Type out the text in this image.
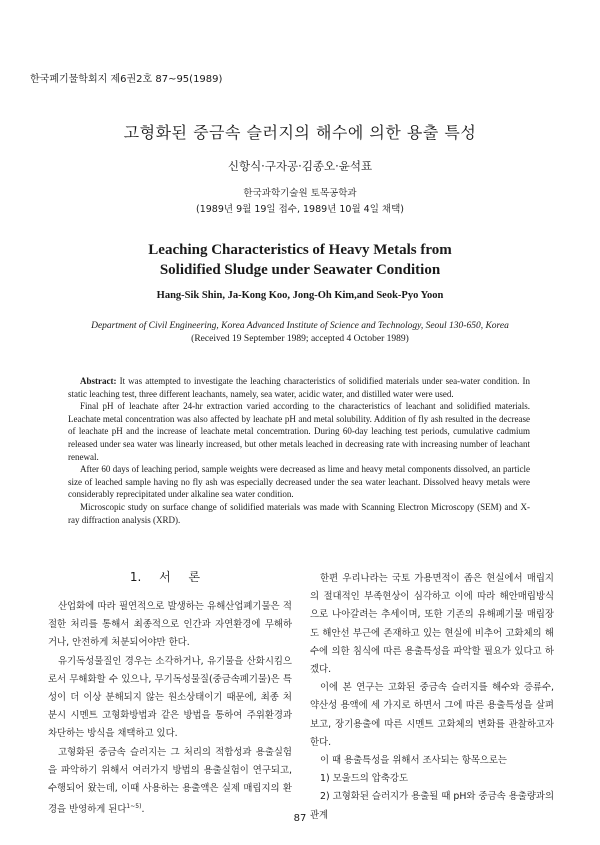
한국폐기물학회지 제6권2호 87~95(1989)
고형화된 중금속 슬러지의 해수에 의한 용출 특성
신항식·구자공·김종오·윤석표
한국과학기술원 토목공학과
(1989년 9월 19일 접수, 1989년 10월 4일 채택)
Leaching Characteristics of Heavy Metals from
Solidified Sludge under Seawater Condition
Hang-Sik Shin, Ja-Kong Koo, Jong-Oh Kim,and Seok-Pyo Yoon
Department of Civil Engineering, Korea Advanced Institute of Science and Technology, Seoul 130-650, Korea
(Received 19 September 1989; accepted 4 October 1989)

Abstract: It was attempted to investigate the leaching characteristics of solidified materials under sea-water condition. In static leaching test, three different leachants, namely, sea water, acidic water, and distilled water were used.

Final pH of leachate after 24-hr extraction varied according to the characteristics of leachant and solidified materials. Leachate metal concentration was also affected by leachate pH and metal solubility. Addition of fly ash resulted in the decrease of leachate pH and the increase of leachate metal concemtration. During 60-day leaching test periods, cumulative cadmium released under sea water was linearly increased, but other metals leached in decreasing rate with increasing number of leachant renewal.

After 60 days of leaching period, sample weights were decreased as lime and heavy metal components dissolved, an particle size of leached sample having no fly ash was especially decreased under the sea water leachant. Dissolved heavy metals were considerably reprecipitated under alkaline sea water condition.

Microscopic study on surface change of solidified materials was made with Scanning Electron Microscopy (SEM) and X-ray diffraction analysis (XRD).

1. 서 론

산업화에 따라 필연적으로 발생하는 유해산업폐기물은 적절한 처리를 통해서 최종적으로 인간과 자연환경에 무해하거나, 안전하게 처분되어야만 한다.

유기독성물질인 경우는 소각하거나, 유기물을 산화시킴으로서 무해화할 수 있으나, 무기독성물질(중금속폐기물)은 특성이 더 이상 분해되지 않는 원소상태이기 때문에, 최종 처분시 시멘트 고형화방법과 같은 방법을 통하여 주위환경과 차단하는 방식을 채택하고 있다.

고형화된 중금속 슬러지는 그 처리의 적합성과 용출실험을 파악하기 위해서 여러가지 방법의 용출실험이 연구되고, 수행되어 왔는데, 이때 사용하는 용출액은 실제 매립지의 환경을 반영하게 된다$^{1\sim 5)}$.

한편 우리나라는 국토 가용면적이 좁은 현실에서 매립지의 절대적인 부족현상이 심각하고 이에 따라 해안매립방식으로 나아갈려는 추세이며, 또한 기존의 유해폐기물 매립장도 해안선 부근에 존재하고 있는 현실에 비추어 고화체의 해수에 의한 침식에 따른 용출특성을 파악할 필요가 있다고 하겠다.

이에 본 연구는 고화된 중금속 슬러지를 해수와 증류수, 약산성 용액에 세 가지로 하면서 그에 따른 용출특성을 살펴보고, 장기용출에 따른 시멘트 고화체의 변화를 관찰하고자 한다.

이 때 용출특성을 위해서 조사되는 항목으로는

1) 모울드의 압축강도

2) 고형화된 슬러지가 용출될 때 pH와 중금속 용출량과의 관계

87
